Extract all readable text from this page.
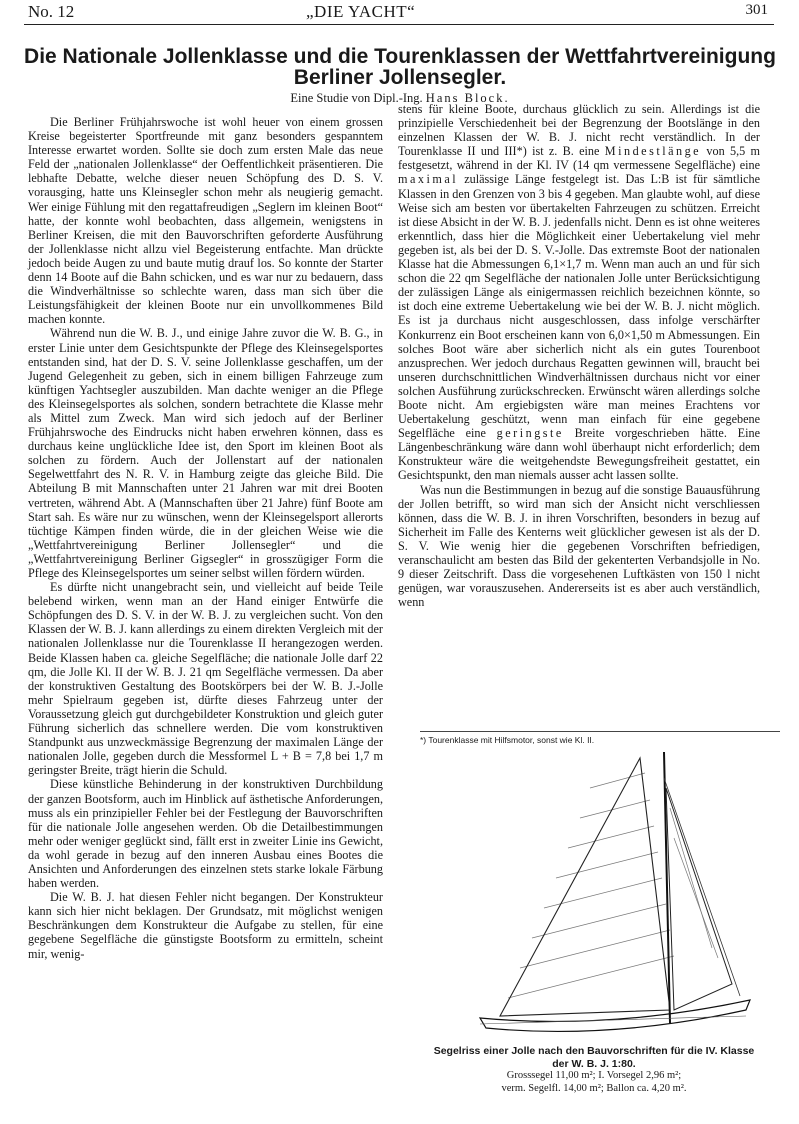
No. 12	„DIE YACHT“	301
Die Nationale Jollenklasse und die Tourenklassen der Wettfahrtvereinigung
Berliner Jollensegler.

Eine Studie von Dipl.-Ing. Hans Block.

Die Berliner Frühjahrswoche ist wohl heuer von einem grossen Kreise begeisterter Sportfreunde mit ganz besonders gespanntem Interesse erwartet worden. Sollte sie doch zum ersten Male das neue Feld der „nationalen Jollenklasse“ der Oeffentlichkeit präsentieren. Die lebhafte Debatte, welche dieser neuen Schöpfung des D. S. V. vorausging, hatte uns Kleinsegler schon mehr als neugierig gemacht. Wer einige Fühlung mit den regattafreudigen „Seglern im kleinen Boot“ hatte, der konnte wohl beobachten, dass allgemein, wenigstens in Berliner Kreisen, die mit den Bauvorschriften geforderte Ausführung der Jollenklasse nicht allzu viel Begeisterung entfachte. Man drückte jedoch beide Augen zu und baute mutig drauf los. So konnte der Starter denn 14 Boote auf die Bahn schicken, und es war nur zu bedauern, dass die Windverhältnisse so schlechte waren, dass man sich über die Leistungsfähigkeit der kleinen Boote nur ein unvollkommenes Bild machen konnte.

Während nun die W. B. J., und einige Jahre zuvor die W. B. G., in erster Linie unter dem Gesichtspunkte der Pflege des Kleinsegelsportes entstanden sind, hat der D. S. V. seine Jollenklasse geschaffen, um der Jugend Gelegenheit zu geben, sich in einem billigen Fahrzeuge zum künftigen Yachtsegler auszubilden. Man dachte weniger an die Pflege des Kleinsegelsportes als solchen, sondern betrachtete die Klasse mehr als Mittel zum Zweck. Man wird sich jedoch auf der Berliner Frühjahrswoche des Eindrucks nicht haben erwehren können, dass es durchaus keine unglückliche Idee ist, den Sport im kleinen Boot als solchen zu fördern. Auch der Jollenstart auf der nationalen Segelwettfahrt des N. R. V. in Hamburg zeigte das gleiche Bild. Die Abteilung B mit Mannschaften unter 21 Jahren war mit drei Booten vertreten, während Abt. A (Mannschaften über 21 Jahre) fünf Boote am Start sah. Es wäre nur zu wünschen, wenn der Kleinsegelsport allerorts tüchtige Kämpen finden würde, die in der gleichen Weise wie die „Wettfahrtvereinigung Berliner Jollensegler“ und die „Wettfahrtvereinigung Berliner Gigsegler“ in grosszügiger Form die Pflege des Kleinsegelsportes um seiner selbst willen fördern würden.

Es dürfte nicht unangebracht sein, und vielleicht auf beide Teile belebend wirken, wenn man an der Hand einiger Entwürfe die Schöpfungen des D. S. V. in der W. B. J. zu vergleichen sucht. Von den Klassen der W. B. J. kann allerdings zu einem direkten Vergleich mit der nationalen Jollenklasse nur die Tourenklasse II herangezogen werden. Beide Klassen haben ca. gleiche Segelfläche; die nationale Jolle darf 22 qm, die Jolle Kl. II der W. B. J. 21 qm Segelfläche vermessen. Da aber der konstruktiven Gestaltung des Bootskörpers bei der W. B. J.-Jolle mehr Spielraum gegeben ist, dürfte dieses Fahrzeug unter der Voraussetzung gleich gut durchgebildeter Konstruktion und gleich guter Führung sicherlich das schnellere werden. Die vom konstruktiven Standpunkt aus unzweckmässige Begrenzung der maximalen Länge der nationalen Jolle, gegeben durch die Messformel L + B = 7,8 bei 1,7 m geringster Breite, trägt hierin die Schuld.

Diese künstliche Behinderung in der konstruktiven Durchbildung der ganzen Bootsform, auch im Hinblick auf ästhetische Anforderungen, muss als ein prinzipieller Fehler bei der Festlegung der Bauvorschriften für die nationale Jolle angesehen werden. Ob die Detailbestimmungen mehr oder weniger geglückt sind, fällt erst in zweiter Linie ins Gewicht, da wohl gerade in bezug auf den inneren Ausbau eines Bootes die Ansichten und Anforderungen des einzelnen stets starke lokale Färbung haben werden.

Die W. B. J. hat diesen Fehler nicht begangen. Der Konstrukteur kann sich hier nicht beklagen. Der Grundsatz, mit möglichst wenigen Beschränkungen dem Konstrukteur die Aufgabe zu stellen, für eine gegebene Segelfläche die günstigste Bootsform zu ermitteln, scheint mir, wenig-

stens für kleine Boote, durchaus glücklich zu sein. Allerdings ist die prinzipielle Verschiedenheit bei der Begrenzung der Bootslänge in den einzelnen Klassen der W. B. J. nicht recht verständlich. In der Tourenklasse II und III*) ist z. B. eine Mindestlänge von 5,5 m festgesetzt, während in der Kl. IV (14 qm vermessene Segelfläche) eine maximal zulässige Länge festgelegt ist. Das L:B ist für sämtliche Klassen in den Grenzen von 3 bis 4 gegeben. Man glaubte wohl, auf diese Weise sich am besten vor übertakelten Fahrzeugen zu schützen. Erreicht ist diese Absicht in der W. B. J. jedenfalls nicht. Denn es ist ohne weiteres erkenntlich, dass hier die Möglichkeit einer Uebertakelung viel mehr gegeben ist, als bei der D. S. V.-Jolle. Das extremste Boot der nationalen Klasse hat die Abmessungen 6,1×1,7 m. Wenn man auch an und für sich schon die 22 qm Segelfläche der nationalen Jolle unter Berücksichtigung der zulässigen Länge als einigermassen reichlich bezeichnen könnte, so ist doch eine extreme Uebertakelung wie bei der W. B. J. nicht möglich. Es ist ja durchaus nicht ausgeschlossen, dass infolge verschärfter Konkurrenz ein Boot erscheinen kann von 6,0×1,50 m Abmessungen. Ein solches Boot wäre aber sicherlich nicht als ein gutes Tourenboot anzusprechen. Wer jedoch durchaus Regatten gewinnen will, braucht bei unseren durchschnittlichen Windverhältnissen durchaus nicht vor einer solchen Ausführung zurückschrecken. Erwünscht wären allerdings solche Boote nicht. Am ergiebigsten wäre man meines Erachtens vor Uebertakelung geschützt, wenn man einfach für eine gegebene Segelfläche eine geringste Breite vorgeschrieben hätte. Eine Längenbeschränkung wäre dann wohl überhaupt nicht erforderlich; dem Konstrukteur wäre die weitgehendste Bewegungsfreiheit gestattet, ein Gesichtspunkt, den man niemals ausser acht lassen sollte.

Was nun die Bestimmungen in bezug auf die sonstige Bauausführung der Jollen betrifft, so wird man sich der Ansicht nicht verschliessen können, dass die W. B. J. in ihren Vorschriften, besonders in bezug auf Sicherheit im Falle des Kenterns weit glücklicher gewesen ist als der D. S. V. Wie wenig hier die gegebenen Vorschriften befriedigen, veranschaulicht am besten das Bild der gekenterten Verbandsjolle in No. 9 dieser Zeitschrift. Dass die vorgesehenen Luftkästen von 150 l nicht genügen, war vorauszusehen. Andererseits ist es aber auch verständlich, wenn

*) Tourenklasse mit Hilfsmotor, sonst wie Kl. II.
Segelriss einer Jolle nach den Bauvorschriften für die IV. Klasse
der W. B. J. 1:80.
Grosssegel 11,00 m²; I. Vorsegel 2,96 m²;
verm. Segelfl. 14,00 m²; Ballon ca. 4,20 m².
